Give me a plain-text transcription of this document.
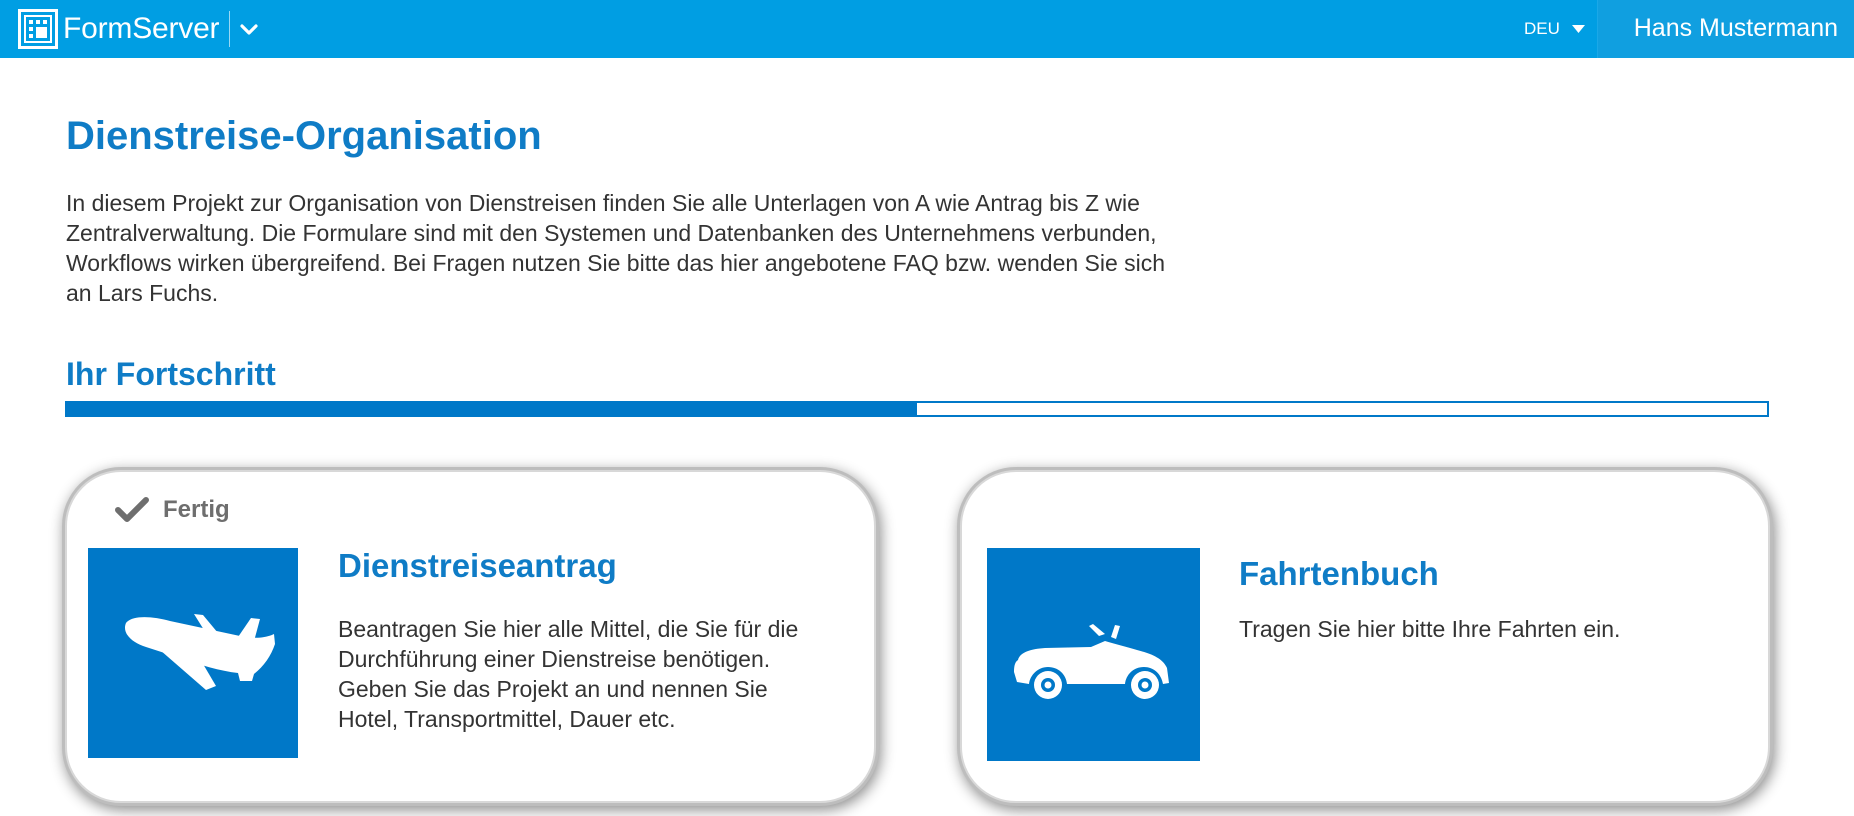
FormServer	DEU	Hans Mustermann
Dienstreise-Organisation

In diesem Projekt zur Organisation von Dienstreisen finden Sie alle Unterlagen von A wie Antrag bis Z wie
Zentralverwaltung. Die Formulare sind mit den Systemen und Datenbanken des Unternehmens verbunden,
Workflows wirken übergreifend. Bei Fragen nutzen Sie bitte das hier angebotene FAQ bzw. wenden Sie sich
an Lars Fuchs.

Ihr Fortschritt
Fertig
Dienstreiseantrag

Beantragen Sie hier alle Mittel, die Sie für die
Durchführung einer Dienstreise benötigen.
Geben Sie das Projekt an und nennen Sie
Hotel, Transportmittel, Dauer etc.

Fahrtenbuch

Tragen Sie hier bitte Ihre Fahrten ein.
